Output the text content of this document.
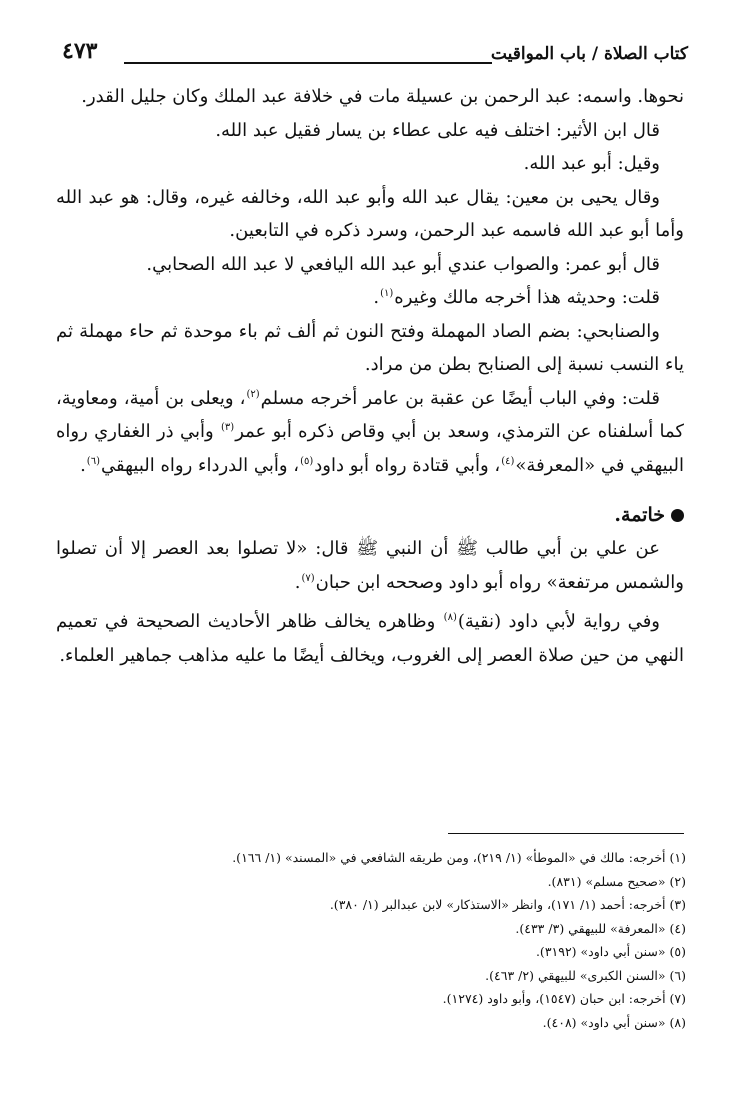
كتاب الصلاة / باب المواقيت
٤٧٣

نحوها. واسمه: عبد الرحمن بن عسيلة مات في خلافة عبد الملك وكان جليل القدر.

قال ابن الأثير: اختلف فيه على عطاء بن يسار فقيل عبد الله.

وقيل: أبو عبد الله.

وقال يحيى بن معين: يقال عبد الله وأبو عبد الله، وخالفه غيره، وقال: هو عبد الله وأما أبو عبد الله فاسمه عبد الرحمن، وسرد ذكره في التابعين.

قال أبو عمر: والصواب عندي أبو عبد الله اليافعي لا عبد الله الصحابي.

قلت: وحديثه هذا أخرجه مالك وغيره$^{(١)}$.

والصنابحي: بضم الصاد المهملة وفتح النون ثم ألف ثم باء موحدة ثم حاء مهملة ثم ياء النسب نسبة إلى الصنابح بطن من مراد.

قلت: وفي الباب أيضًا عن عقبة بن عامر أخرجه مسلم$^{(٢)}$، ويعلى بن أمية، ومعاوية، كما أسلفناه عن الترمذي، وسعد بن أبي وقاص ذكره أبو عمر$^{(٣)}$ وأبي ذر الغفاري رواه البيهقي في «المعرفة»$^{(٤)}$، وأبي قتادة رواه أبو داود$^{(٥)}$، وأبي الدرداء رواه البيهقي$^{(٦)}$.

خاتمة.

عن علي بن أبي طالب ﷺ أن النبي ﷺ قال: «لا تصلوا بعد العصر إلا أن تصلوا والشمس مرتفعة» رواه أبو داود وصححه ابن حبان$^{(٧)}$.

وفي رواية لأبي داود (نقية)$^{(٨)}$ وظاهره يخالف ظاهر الأحاديث الصحيحة في تعميم النهي من حين صلاة العصر إلى الغروب، ويخالف أيضًا ما عليه مذاهب جماهير العلماء.

(١) أخرجه: مالك في «الموطأ» (١/ ٢١٩)، ومن طريقه الشافعي في «المسند» (١/ ١٦٦).

(٢) «صحيح مسلم» (٨٣١).

(٣) أخرجه: أحمد (١/ ١٧١)، وانظر «الاستذكار» لابن عبدالبر (١/ ٣٨٠).

(٤) «المعرفة» للبيهقي (٣/ ٤٣٣).

(٥) «سنن أبي داود» (٣١٩٢).

(٦) «السنن الكبرى» للبيهقي (٢/ ٤٦٣).

(٧) أخرجه: ابن حبان (١٥٤٧)، وأبو داود (١٢٧٤).

(٨) «سنن أبي داود» (٤٠٨).
